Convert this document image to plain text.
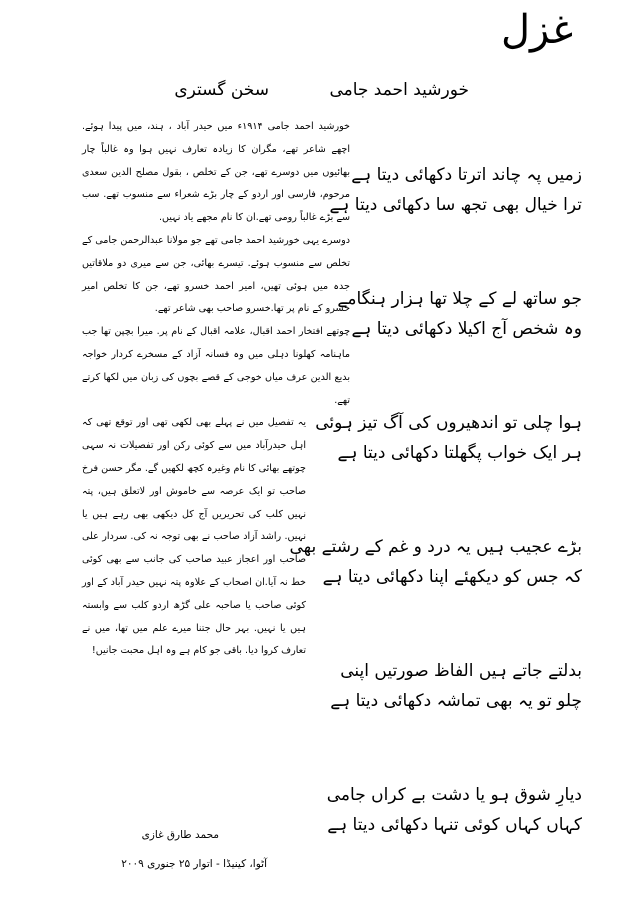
غزل
خورشید احمد جامی
سخن گستری
زمیں پہ چاند اترتا دکھائی دیتا ہے
ترا خیال بھی تجھ سا دکھائی دیتا ہے
جو ساتھ لے کے چلا تھا ہزار ہنگامے
وہ شخص آج اکیلا دکھائی دیتا ہے
ہوا چلی تو اندھیروں کی آگ تیز ہوئی
ہر ایک خواب پگھلتا دکھائی دیتا ہے
بڑے عجیب ہیں یہ درد و غم کے رشتے بھی
کہ جس کو دیکھئے اپنا دکھائی دیتا ہے
بدلتے جاتے ہیں الفاظ صورتیں اپنی
چلو تو یہ بھی تماشہ دکھائی دیتا ہے
دیارِ شوق ہو یا دشت بے کراں جامی
کہاں کہاں کوئی تنہا دکھائی دیتا ہے

خورشید احمد جامی ۱۹۱۴ء میں حیدر آباد ، ہند، میں پیدا ہوئے. اچھے شاعر تھے، مگران کا زیادہ تعارف نہیں ہوا وہ غالباً چار بھائیوں میں دوسرے تھے، جن کے تخلص ، بقول مصلح الدین سعدی مرحوم، فارسی اور اردو کے چار بڑے شعراء سے منسوب تھے. سب سے بڑے غالباً رومی تھے.ان کا نام مجھے یاد نہیں.

دوسرے یہی خورشید احمد جامی تھے جو مولانا عبدالرحمن جامی کے تخلص سے منسوب ہوئے. تیسرے بھائی، جن سے میری دو ملاقاتیں جدہ میں ہوئی تھیں، امیر احمد خسرو تھے، جن کا تخلص امیر خسرو کے نام پر تھا.خسرو صاحب بھی شاعر تھے.

چوتھے افتخار احمد اقبال، علامہ اقبال کے نام پر. میرا بچپن تھا جب ماہنامہ کھلونا دہلی میں وہ فسانہ آزاد کے مسخرے کردار خواجہ بدیع الدین عرف میاں خوجی کے قصے بچوں کی زبان میں لکھا کرتے تھے.

یہ تفصیل میں نے پہلے بھی لکھی تھی اور توقع تھی کہ اہل حیدرآباد میں سے کوئی رکن اور تفصیلات نہ سہی چوتھے بھائی کا نام وغیرہ کچھ لکھیں گے. مگر حسن فرخ صاحب تو ایک عرصہ سے خاموش اور لاتعلق ہیں، پتہ نہیں کلب کی تحریریں آج کل دیکھی بھی رہے ہیں یا نہیں. راشد آزاد صاحب نے بھی توجہ نہ کی. سردار علی صاحب اور اعجاز عبید صاحب کی جانب سے بھی کوئی خط نہ آیا.ان اصحاب کے علاوہ پتہ نہیں حیدر آباد کے اور کوئی صاحب یا صاحبہ علی گڑھ اردو کلب سے وابستہ ہیں یا نہیں. بہر حال جتنا میرے علم میں تھا، میں نے تعارف کروا دیا. باقی جو کام ہے وہ اہل محبت جانیں!

محمد طارق غازی
آٹوا، کینیڈا - اتوار ۲۵ جنوری ۲۰۰۹
